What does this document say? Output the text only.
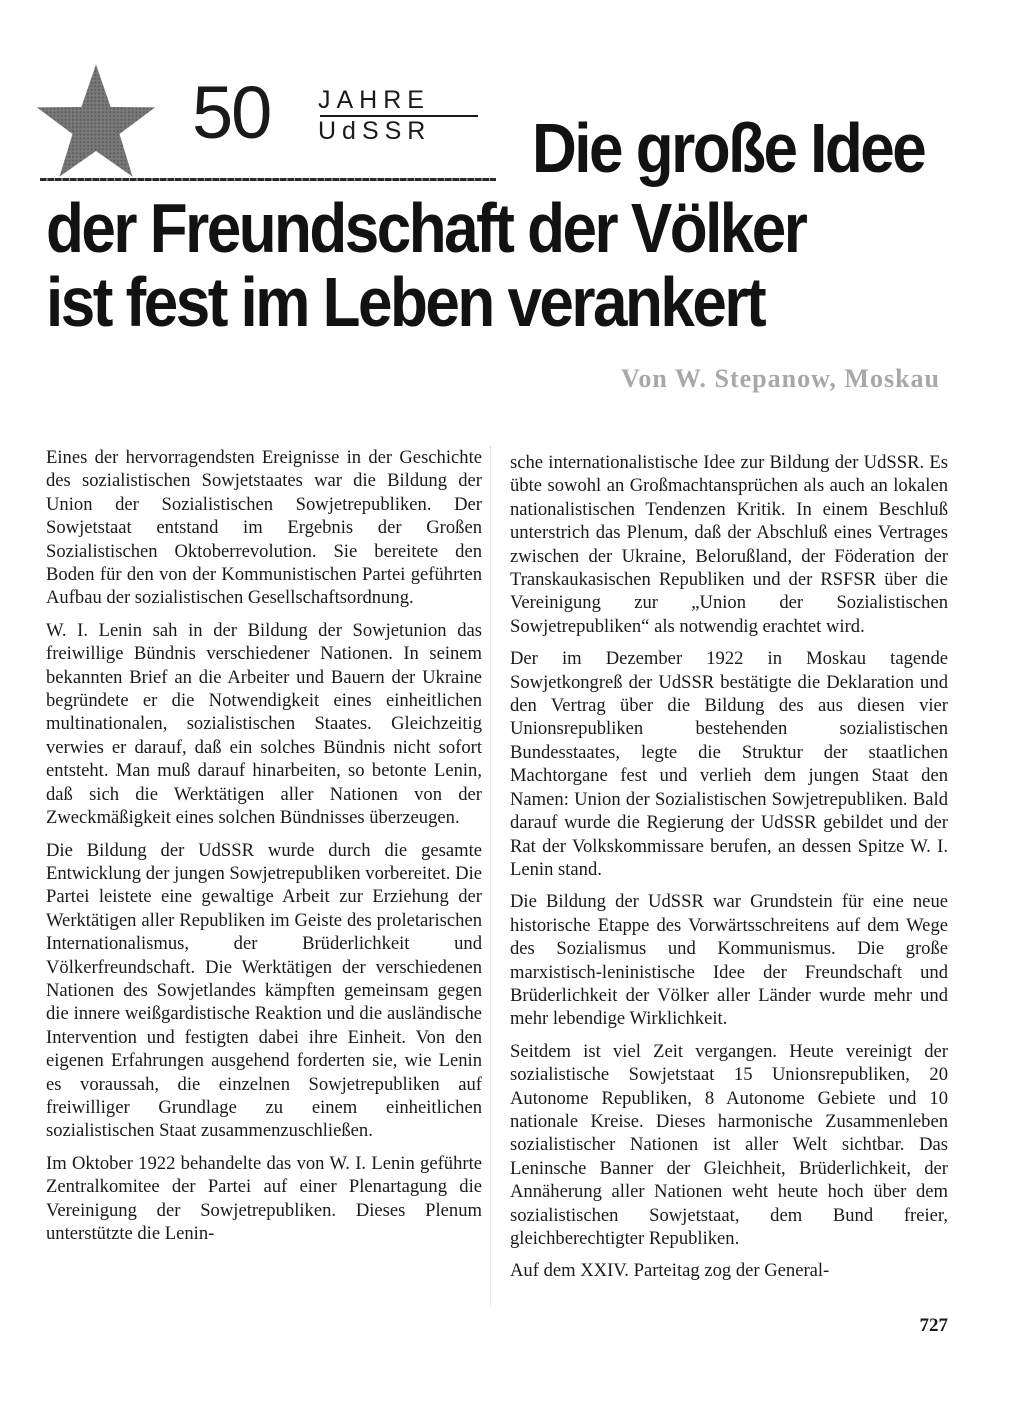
50 JAHRE
UdSSR	Die große Idee
der Freundschaft der Völker
ist fest im Leben verankert
Von W. Stepanow, Moskau

Eines der hervorragendsten Ereignisse in der Geschichte des sozialistischen Sowjetstaates war die Bildung der Union der Sozialistischen Sowjetrepubliken. Der Sowjetstaat entstand im Ergebnis der Großen Sozialistischen Oktoberrevolution. Sie bereitete den Boden für den von der Kommunistischen Partei geführten Aufbau der sozialistischen Gesellschaftsordnung.

W. I. Lenin sah in der Bildung der Sowjetunion das freiwillige Bündnis verschiedener Nationen. In seinem bekannten Brief an die Arbeiter und Bauern der Ukraine begründete er die Notwendigkeit eines einheitlichen multinationalen, sozialistischen Staates. Gleichzeitig verwies er darauf, daß ein solches Bündnis nicht sofort entsteht. Man muß darauf hinarbeiten, so betonte Lenin, daß sich die Werktätigen aller Nationen von der Zweckmäßigkeit eines solchen Bündnisses überzeugen.

Die Bildung der UdSSR wurde durch die gesamte Entwicklung der jungen Sowjetrepubliken vorbereitet. Die Partei leistete eine gewaltige Arbeit zur Erziehung der Werktätigen aller Republiken im Geiste des proletarischen Internationalismus, der Brüderlichkeit und Völkerfreundschaft. Die Werktätigen der verschiedenen Nationen des Sowjetlandes kämpften gemeinsam gegen die innere weißgardistische Reaktion und die ausländische Intervention und festigten dabei ihre Einheit. Von den eigenen Erfahrungen ausgehend forderten sie, wie Lenin es voraussah, die einzelnen Sowjetrepubliken auf freiwilliger Grundlage zu einem einheitlichen sozialistischen Staat zusammenzuschließen.

Im Oktober 1922 behandelte das von W. I. Lenin geführte Zentralkomitee der Partei auf einer Plenartagung die Vereinigung der Sowjetrepubliken. Dieses Plenum unterstützte die Lenin-

sche internationalistische Idee zur Bildung der UdSSR. Es übte sowohl an Großmachtansprüchen als auch an lokalen nationalistischen Tendenzen Kritik. In einem Beschluß unterstrich das Plenum, daß der Abschluß eines Vertrages zwischen der Ukraine, Belorußland, der Föderation der Transkaukasischen Republiken und der RSFSR über die Vereinigung zur „Union der Sozialistischen Sowjetrepubliken“ als notwendig erachtet wird.

Der im Dezember 1922 in Moskau tagende Sowjetkongreß der UdSSR bestätigte die Deklaration und den Vertrag über die Bildung des aus diesen vier Unionsrepubliken bestehenden sozialistischen Bundesstaates, legte die Struktur der staatlichen Machtorgane fest und verlieh dem jungen Staat den Namen: Union der Sozialistischen Sowjetrepubliken. Bald darauf wurde die Regierung der UdSSR gebildet und der Rat der Volkskommissare berufen, an dessen Spitze W. I. Lenin stand.

Die Bildung der UdSSR war Grundstein für eine neue historische Etappe des Vorwärtsschreitens auf dem Wege des Sozialismus und Kommunismus. Die große marxistisch-leninistische Idee der Freundschaft und Brüderlichkeit der Völker aller Länder wurde mehr und mehr lebendige Wirklichkeit.

Seitdem ist viel Zeit vergangen. Heute vereinigt der sozialistische Sowjetstaat 15 Unionsrepubliken, 20 Autonome Republiken, 8 Autonome Gebiete und 10 nationale Kreise. Dieses harmonische Zusammenleben sozialistischer Nationen ist aller Welt sichtbar. Das Leninsche Banner der Gleichheit, Brüderlichkeit, der Annäherung aller Nationen weht heute hoch über dem sozialistischen Sowjetstaat, dem Bund freier, gleichberechtigter Republiken.

Auf dem XXIV. Parteitag zog der General-

727
